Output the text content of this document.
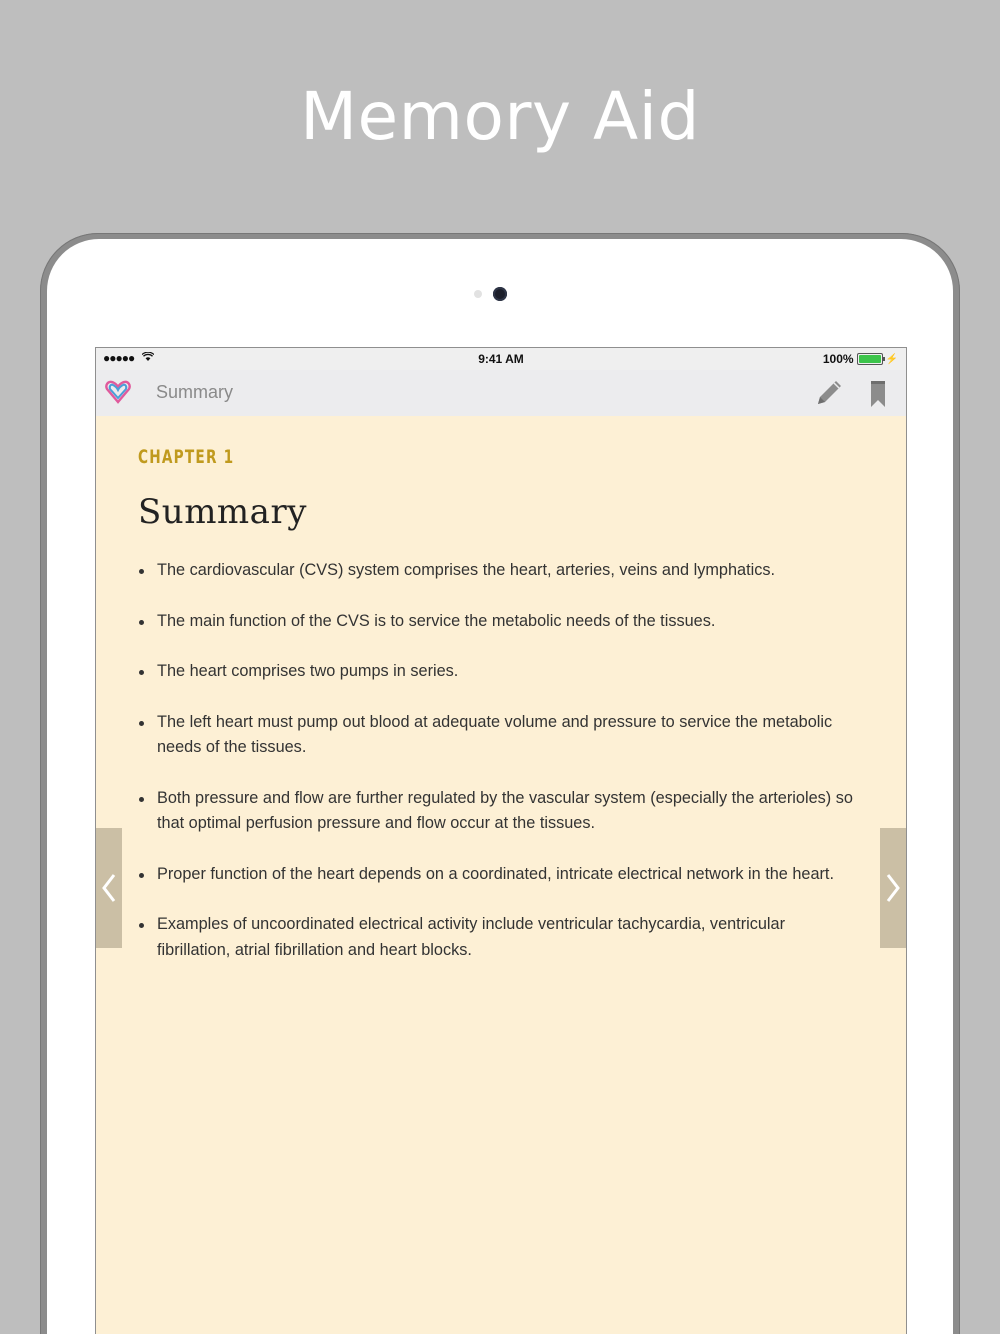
Memory Aid
●●●●●	9:41 AM	100%	⚡
Summary
CHAPTER 1
Summary
The cardiovascular (CVS) system comprises the heart, arteries, veins and lymphatics.
The main function of the CVS is to service the metabolic needs of the tissues.
The heart comprises two pumps in series.
The left heart must pump out blood at adequate volume and pressure to service the metabolic needs of the tissues.
Both pressure and flow are further regulated by the vascular system (especially the arterioles) so that optimal perfusion pressure and flow occur at the tissues.
Proper function of the heart depends on a coordinated, intricate electrical network in the heart.
Examples of uncoordinated electrical activity include ventricular tachycardia, ventricular fibrillation, atrial fibrillation and heart blocks.
